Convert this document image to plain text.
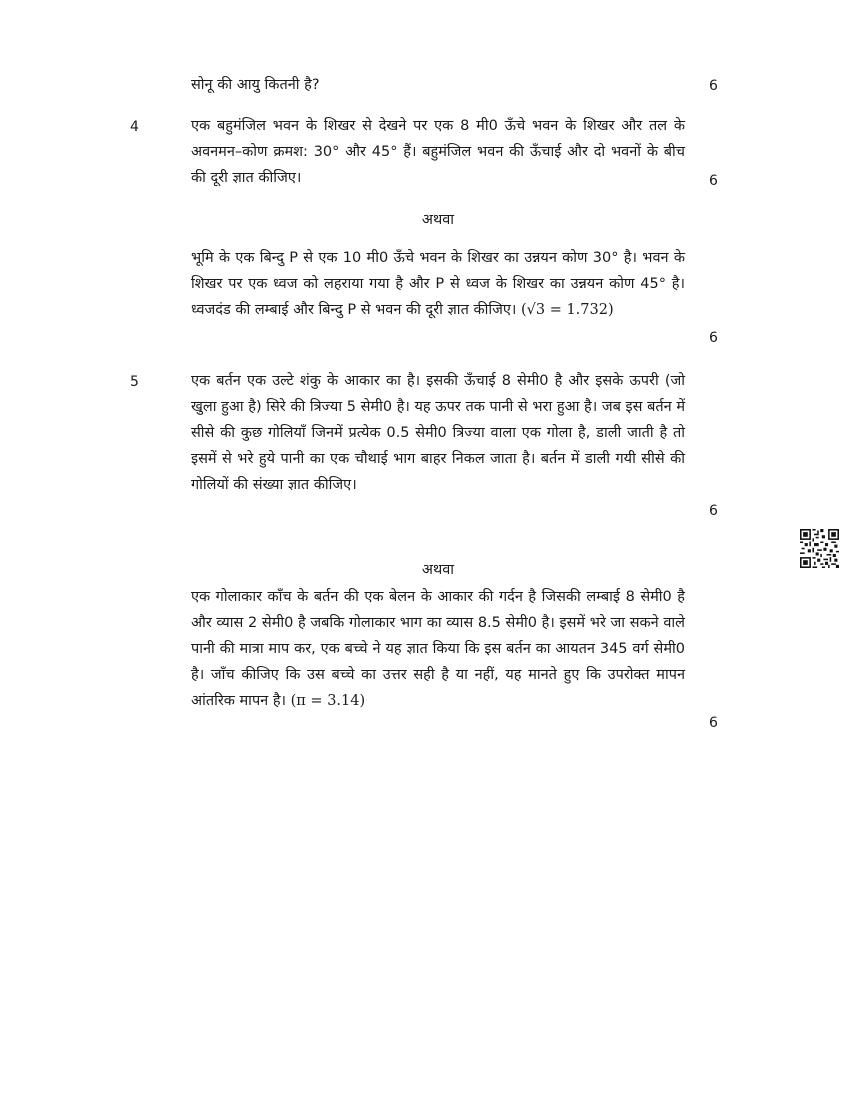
सोनू की आयु कितनी है?	6
4	एक बहुमंजिल भवन के शिखर से देखने पर एक 8 मी0 ऊँचे भवन के शिखर और तल के अवनमन–कोण क्रमश: 30° और 45° हैं। बहुमंजिल भवन की ऊँचाई और दो भवनों के बीच की दूरी ज्ञात कीजिए।	6

अथवा

भूमि के एक बिन्दु P से एक 10 मी0 ऊँचे भवन के शिखर का उन्नयन कोण 30° है। भवन के शिखर पर एक ध्वज को लहराया गया है और P से ध्वज के शिखर का उन्नयन कोण 45° है। ध्वजदंड की लम्बाई और बिन्दु P से भवन की दूरी ज्ञात कीजिए। (√3 = 1.732)

6
5	एक बर्तन एक उल्टे शंकु के आकार का है। इसकी ऊँचाई 8 सेमी0 है और इसके ऊपरी (जो खुला हुआ है) सिरे की त्रिज्या 5 सेमी0 है। यह ऊपर तक पानी से भरा हुआ है। जब इस बर्तन में सीसे की कुछ गोलियाँ जिनमें प्रत्येक 0.5 सेमी0 त्रिज्या वाला एक गोला है, डाली जाती है तो इसमें से भरे हुये पानी का एक चौथाई भाग बाहर निकल जाता है। बर्तन में डाली गयी सीसे की गोलियों की संख्या ज्ञात कीजिए।

6

अथवा

एक गोलाकार काँच के बर्तन की एक बेलन के आकार की गर्दन है जिसकी लम्बाई 8 सेमी0 है और व्यास 2 सेमी0 है जबकि गोलाकार भाग का व्यास 8.5 सेमी0 है। इसमें भरे जा सकने वाले पानी की मात्रा माप कर, एक बच्चे ने यह ज्ञात किया कि इस बर्तन का आयतन 345 वर्ग सेमी0 है। जाँच कीजिए कि उस बच्चे का उत्तर सही है या नहीं, यह मानते हुए कि उपरोक्त मापन आंतरिक मापन है। (π = 3.14)

6
